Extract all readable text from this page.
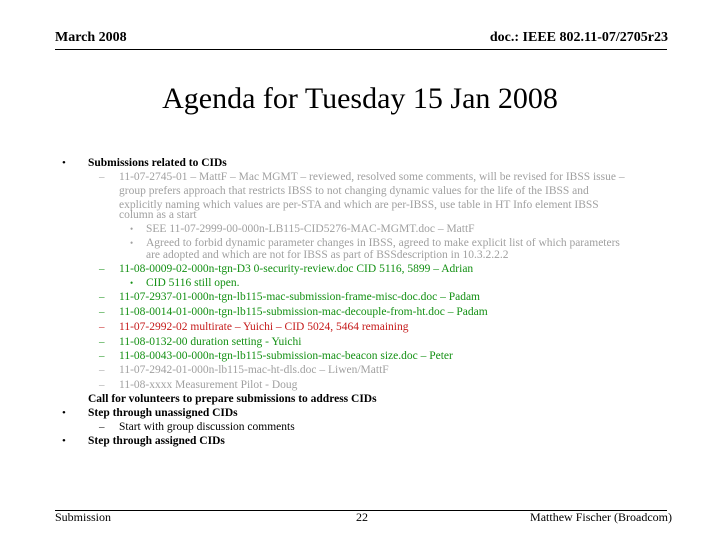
March 2008	doc.: IEEE 802.11-07/2705r23
Agenda for Tuesday 15 Jan 2008
• Submissions related to CIDs
– 11-07-2745-01 – MattF – Mac MGMT – reviewed, resolved some comments, will be revised for IBSS issue –
group prefers approach that restricts IBSS to not changing dynamic values for the life of the IBSS and
explicitly naming which values are per-STA and which are per-IBSS, use table in HT Info element IBSS
column as a start
• SEE 11-07-2999-00-000n-LB115-CID5276-MAC-MGMT.doc – MattF
• Agreed to forbid dynamic parameter changes in IBSS, agreed to make explicit list of which parameters
are adopted and which are not for IBSS as part of BSSdescription in 10.3.2.2.2
– 11-08-0009-02-000n-tgn-D3 0-security-review.doc CID 5116, 5899 – Adrian
• CID 5116 still open.
– 11-07-2937-01-000n-tgn-lb115-mac-submission-frame-misc-doc.doc – Padam
– 11-08-0014-01-000n-tgn-lb115-submission-mac-decouple-from-ht.doc – Padam
– 11-07-2992-02 multirate – Yuichi – CID 5024, 5464 remaining
– 11-08-0132-00 duration setting - Yuichi
– 11-08-0043-00-000n-tgn-lb115-submission-mac-beacon size.doc – Peter
– 11-07-2942-01-000n-lb115-mac-ht-dls.doc – Liwen/MattF
– 11-08-xxxx Measurement Pilot - Doug
Call for volunteers to prepare submissions to address CIDs
• Step through unassigned CIDs
– Start with group discussion comments
• Step through assigned CIDs
Submission	22	Matthew Fischer (Broadcom)
